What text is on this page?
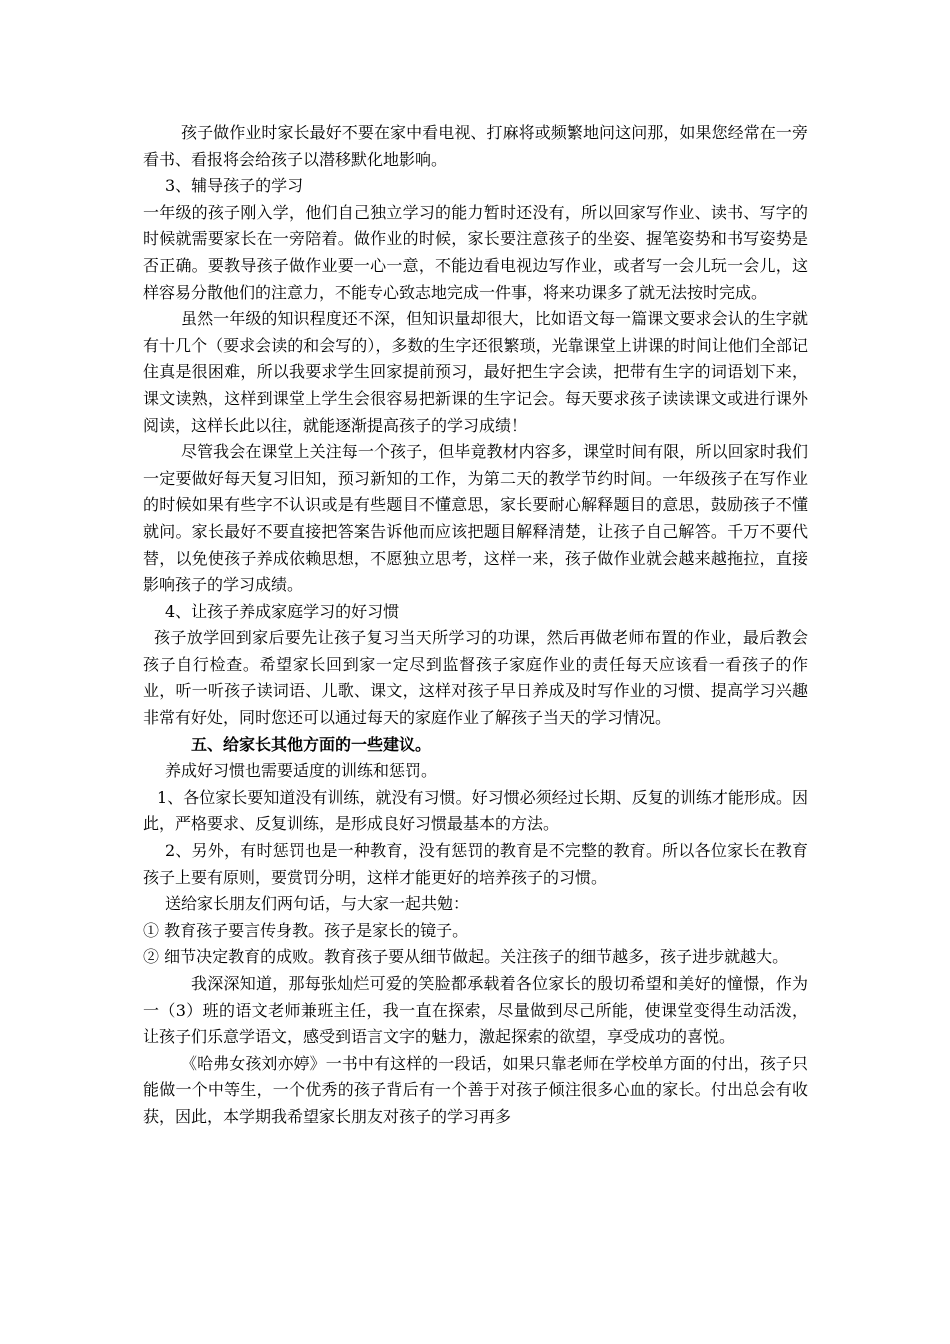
孩子做作业时家长最好不要在家中看电视、打麻将或频繁地问这问那，如果您经常在一旁看书、看报将会给孩子以潜移默化地影响。

3、辅导孩子的学习

一年级的孩子刚入学，他们自己独立学习的能力暂时还没有，所以回家写作业、读书、写字的时候就需要家长在一旁陪着。做作业的时候，家长要注意孩子的坐姿、握笔姿势和书写姿势是否正确。要教导孩子做作业要一心一意，不能边看电视边写作业，或者写一会儿玩一会儿，这样容易分散他们的注意力，不能专心致志地完成一件事，将来功课多了就无法按时完成。

虽然一年级的知识程度还不深，但知识量却很大，比如语文每一篇课文要求会认的生字就有十几个（要求会读的和会写的），多数的生字还很繁琐，光靠课堂上讲课的时间让他们全部记住真是很困难，所以我要求学生回家提前预习，最好把生字会读，把带有生字的词语划下来，课文读熟，这样到课堂上学生会很容易把新课的生字记会。每天要求孩子读读课文或进行课外阅读，这样长此以往，就能逐渐提高孩子的学习成绩！

尽管我会在课堂上关注每一个孩子，但毕竟教材内容多，课堂时间有限，所以回家时我们一定要做好每天复习旧知，预习新知的工作，为第二天的教学节约时间。一年级孩子在写作业的时候如果有些字不认识或是有些题目不懂意思，家长要耐心解释题目的意思，鼓励孩子不懂就问。家长最好不要直接把答案告诉他而应该把题目解释清楚，让孩子自己解答。千万不要代替，以免使孩子养成依赖思想，不愿独立思考，这样一来，孩子做作业就会越来越拖拉，直接影响孩子的学习成绩。

4、让孩子养成家庭学习的好习惯

孩子放学回到家后要先让孩子复习当天所学习的功课，然后再做老师布置的作业，最后教会孩子自行检查。希望家长回到家一定尽到监督孩子家庭作业的责任每天应该看一看孩子的作业，听一听孩子读词语、儿歌、课文，这样对孩子早日养成及时写作业的习惯、提高学习兴趣非常有好处，同时您还可以通过每天的家庭作业了解孩子当天的学习情况。

五、给家长其他方面的一些建议。

养成好习惯也需要适度的训练和惩罚。

1、各位家长要知道没有训练，就没有习惯。好习惯必须经过长期、反复的训练才能形成。因此，严格要求、反复训练，是形成良好习惯最基本的方法。

2、另外，有时惩罚也是一种教育，没有惩罚的教育是不完整的教育。所以各位家长在教育孩子上要有原则，要赏罚分明，这样才能更好的培养孩子的习惯。

送给家长朋友们两句话，与大家一起共勉：

① 教育孩子要言传身教。孩子是家长的镜子。

② 细节决定教育的成败。教育孩子要从细节做起。关注孩子的细节越多，孩子进步就越大。

我深深知道，那每张灿烂可爱的笑脸都承载着各位家长的殷切希望和美好的憧憬，作为一（3）班的语文老师兼班主任，我一直在探索，尽量做到尽己所能，使课堂变得生动活泼，让孩子们乐意学语文，感受到语言文字的魅力，激起探索的欲望，享受成功的喜悦。

《哈弗女孩刘亦婷》一书中有这样的一段话，如果只靠老师在学校单方面的付出，孩子只能做一个中等生，一个优秀的孩子背后有一个善于对孩子倾注很多心血的家长。付出总会有收获，因此，本学期我希望家长朋友对孩子的学习再多
